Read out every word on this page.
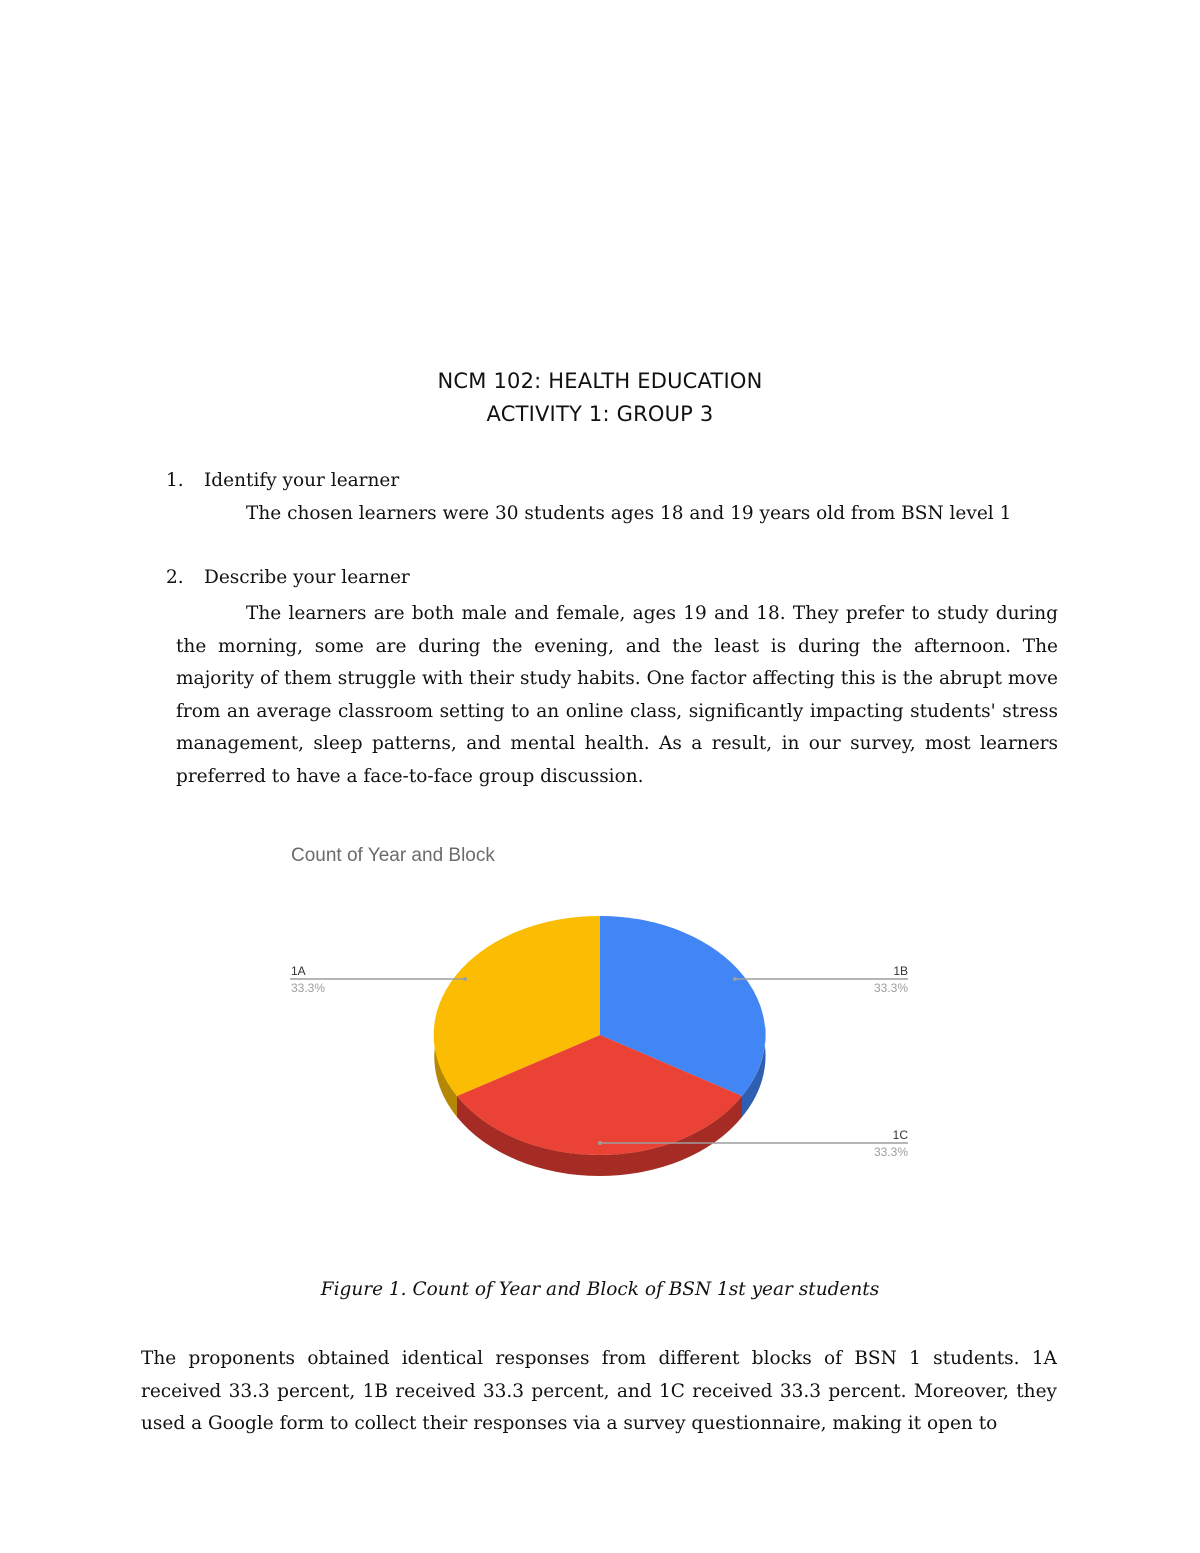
NCM 102: HEALTH EDUCATION
ACTIVITY 1: GROUP 3
1. Identify your learner
The chosen learners were 30 students ages 18 and 19 years old from BSN level 1
2. Describe your learner

The learners are both male and female, ages 19 and 18. They prefer to study during the morning, some are during the evening, and the least is during the afternoon. The majority of them struggle with their study habits. One factor affecting this is the abrupt move from an average classroom setting to an online class, significantly impacting students' stress management, sleep patterns, and mental health. As a result, in our survey, most learners preferred to have a face-to-face group discussion.

Count of Year and Block
1A
33.3%
1B
33.3%
1C
33.3%
Figure 1. Count of Year and Block of BSN 1st year students

The proponents obtained identical responses from different blocks of BSN 1 students. 1A received 33.3 percent, 1B received 33.3 percent, and 1C received 33.3 percent. Moreover, they used a Google form to collect their responses via a survey questionnaire, making it open to
